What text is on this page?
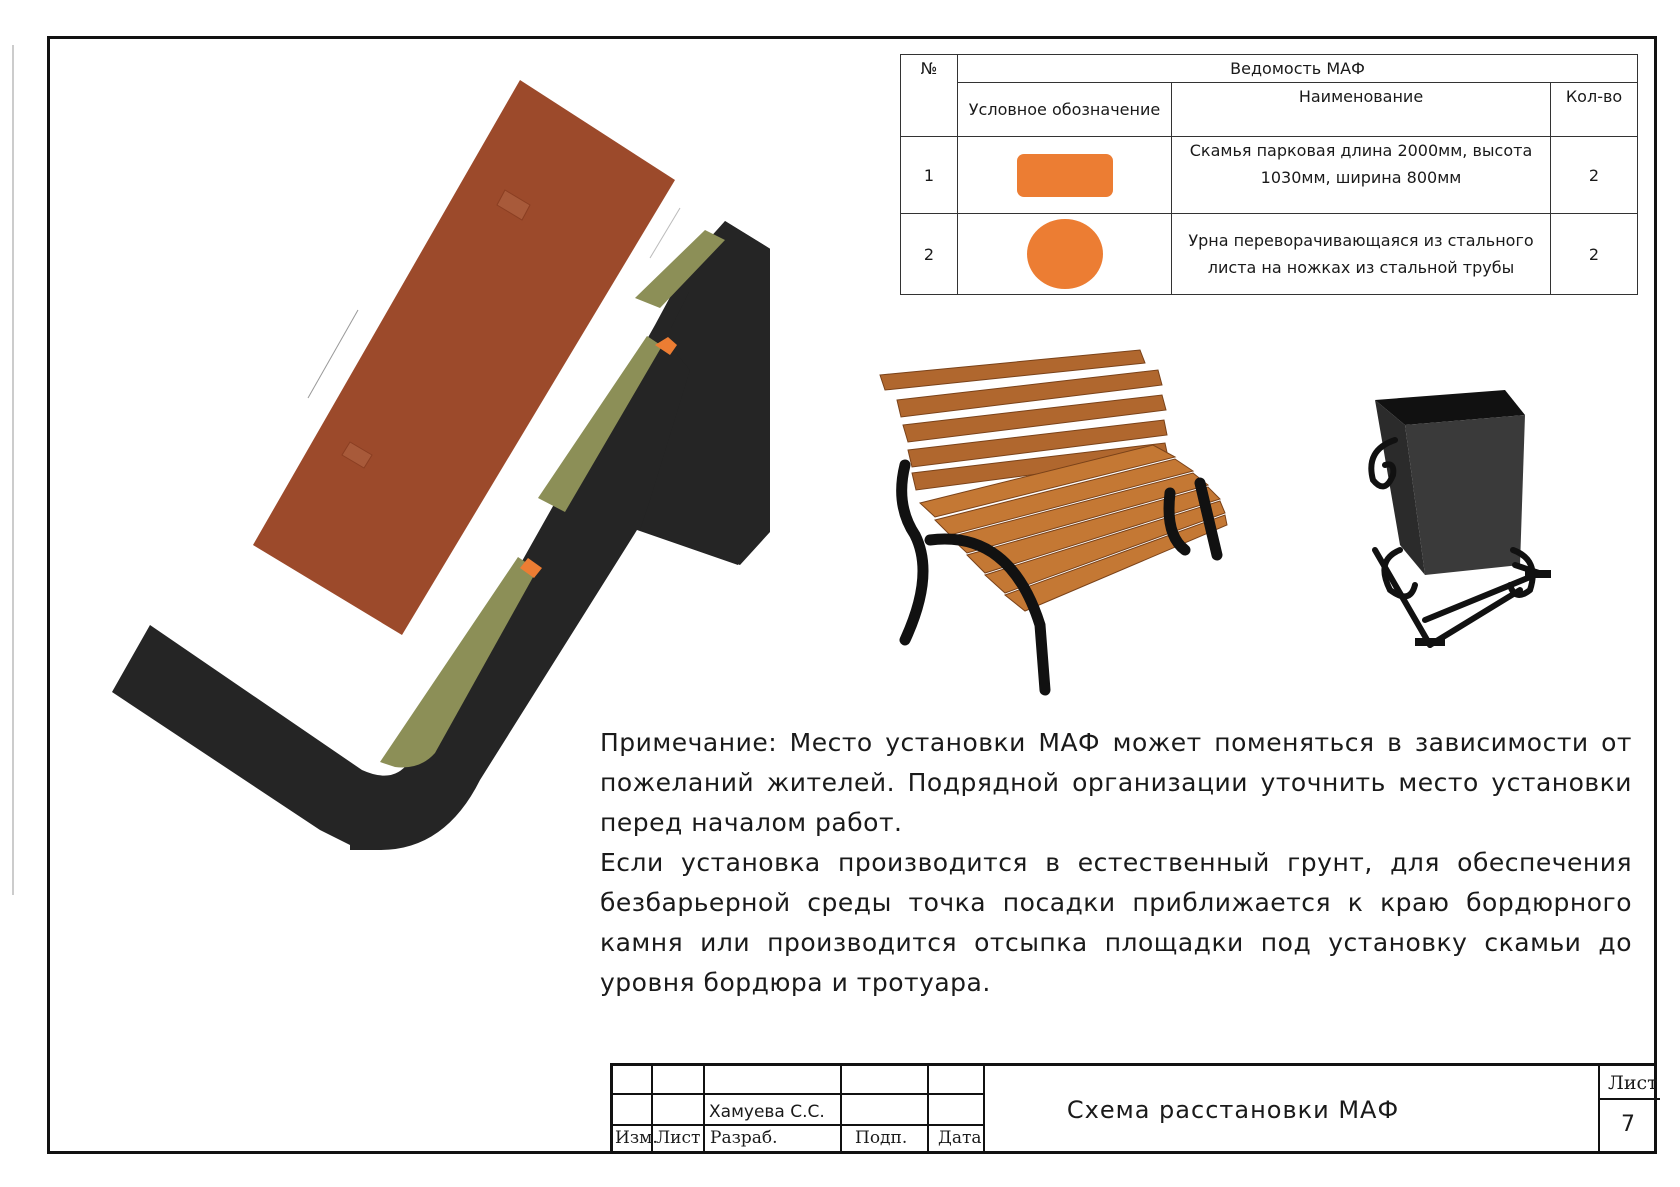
№	Ведомость МАФ		
	Условное обозначение	Наименование	Кол-во
1		Скамья парковая длина 2000мм, высота 1030мм, ширина 800мм	2
2		Урна переворачивающаяся из стального листа на ножках из стальной трубы	2

Примечание: Место установки МАФ может поменяться в зависимости от пожеланий жителей. Подрядной организации уточнить место установки перед началом работ.

Если установка производится в естественный грунт, для обеспечения безбарьерной среды точка посадки приближается к краю бордюрного камня или производится отсыпка площадки под установку скамьи до уровня бордюра и тротуара.

Хамуева С.С.
Изм.
Лист Разраб.	Подп. Дата
Схема расстановки МАФ
Лист
7
